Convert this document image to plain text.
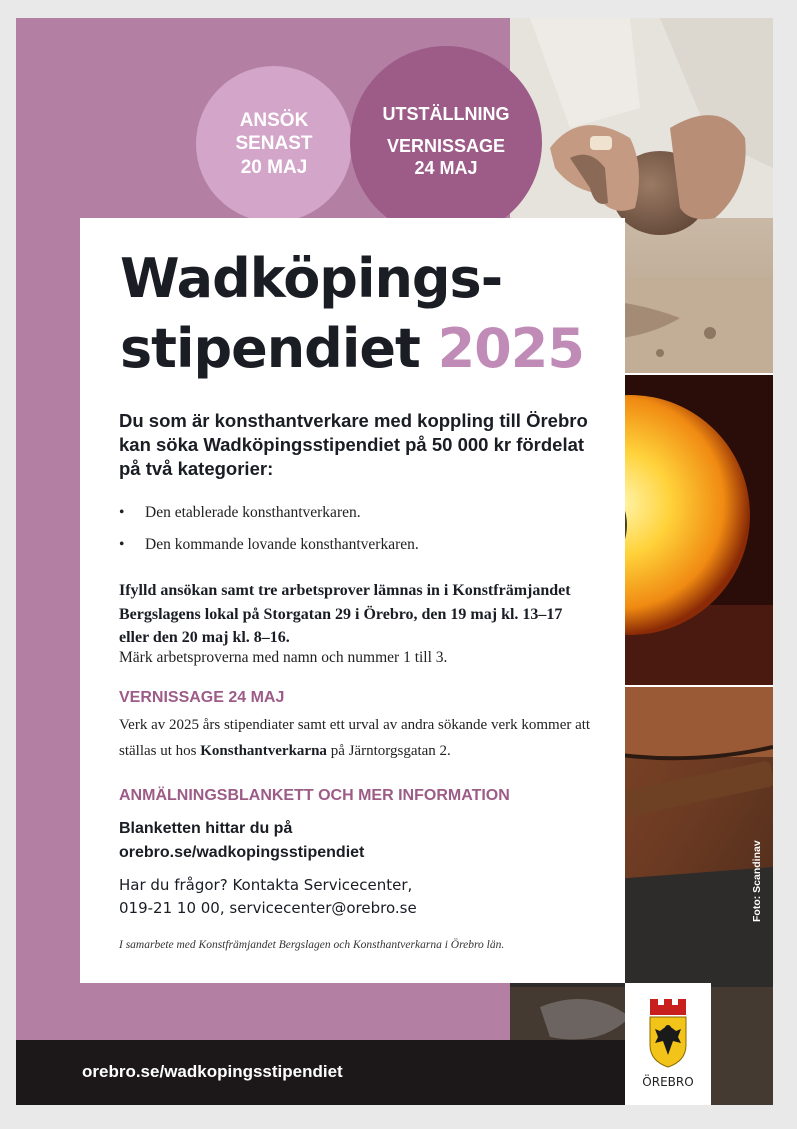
Foto: Scandinav
ANSÖK
SENAST
20 MAJ
UTSTÄLLNING
VERNISSAGE
24 MAJ
Wadköpings-
stipendiet 2025

Du som är konsthantverkare med koppling till Örebro kan söka Wadköpingsstipendiet på 50 000 kr fördelat på två kategorier:

• Den etablerade konsthantverkaren.
• Den kommande lovande konsthantverkaren.

Ifylld ansökan samt tre arbetsprover lämnas in i Konstfrämjandet Bergslagens lokal på Storgatan 29 i Örebro, den 19 maj kl. 13–17 eller den 20 maj kl. 8–16.

Märk arbetsproverna med namn och nummer 1 till 3.

VERNISSAGE 24 MAJ

Verk av 2025 års stipendiater samt ett urval av andra sökande verk kommer att ställas ut hos Konsthantverkarna på Järntorgsgatan 2.

ANMÄLNINGSBLANKETT OCH MER INFORMATION

Blanketten hittar du på
orebro.se/wadkopingsstipendiet

Har du frågor? Kontakta Servicecenter,
019-21 10 00, servicecenter@orebro.se

I samarbete med Konstfrämjandet Bergslagen och Konsthantverkarna i Örebro län.

orebro.se/wadkopingsstipendiet
ÖREBRO
